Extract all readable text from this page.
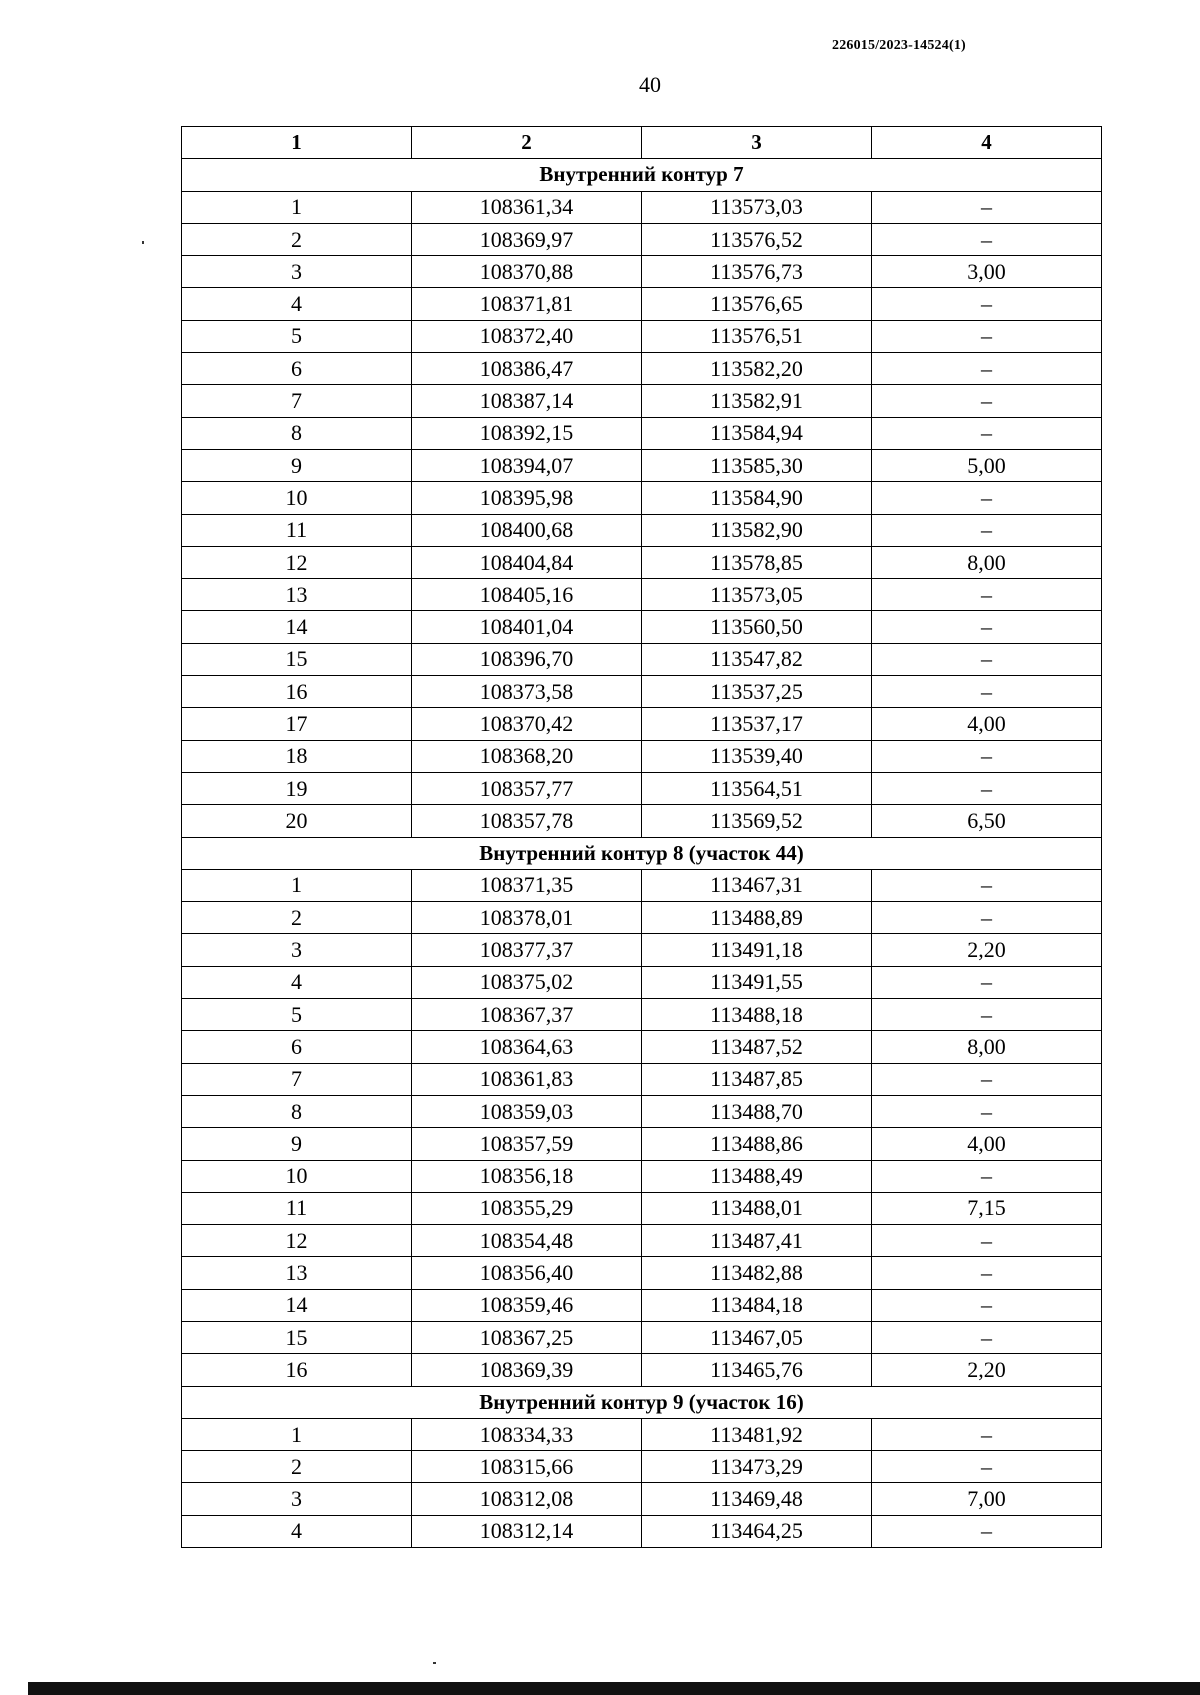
226015/2023-14524(1)
40
1	2	3	4
Внутренний контур 7			
1	108361,34	113573,03	–
2	108369,97	113576,52	–
3	108370,88	113576,73	3,00
4	108371,81	113576,65	–
5	108372,40	113576,51	–
6	108386,47	113582,20	–
7	108387,14	113582,91	–
8	108392,15	113584,94	–
9	108394,07	113585,30	5,00
10	108395,98	113584,90	–
11	108400,68	113582,90	–
12	108404,84	113578,85	8,00
13	108405,16	113573,05	–
14	108401,04	113560,50	–
15	108396,70	113547,82	–
16	108373,58	113537,25	–
17	108370,42	113537,17	4,00
18	108368,20	113539,40	–
19	108357,77	113564,51	–
20	108357,78	113569,52	6,50
Внутренний контур 8 (участок 44)			
1	108371,35	113467,31	–
2	108378,01	113488,89	–
3	108377,37	113491,18	2,20
4	108375,02	113491,55	–
5	108367,37	113488,18	–
6	108364,63	113487,52	8,00
7	108361,83	113487,85	–
8	108359,03	113488,70	–
9	108357,59	113488,86	4,00
10	108356,18	113488,49	–
11	108355,29	113488,01	7,15
12	108354,48	113487,41	–
13	108356,40	113482,88	–
14	108359,46	113484,18	–
15	108367,25	113467,05	–
16	108369,39	113465,76	2,20
Внутренний контур 9 (участок 16)			
1	108334,33	113481,92	–
2	108315,66	113473,29	–
3	108312,08	113469,48	7,00
4	108312,14	113464,25	–
